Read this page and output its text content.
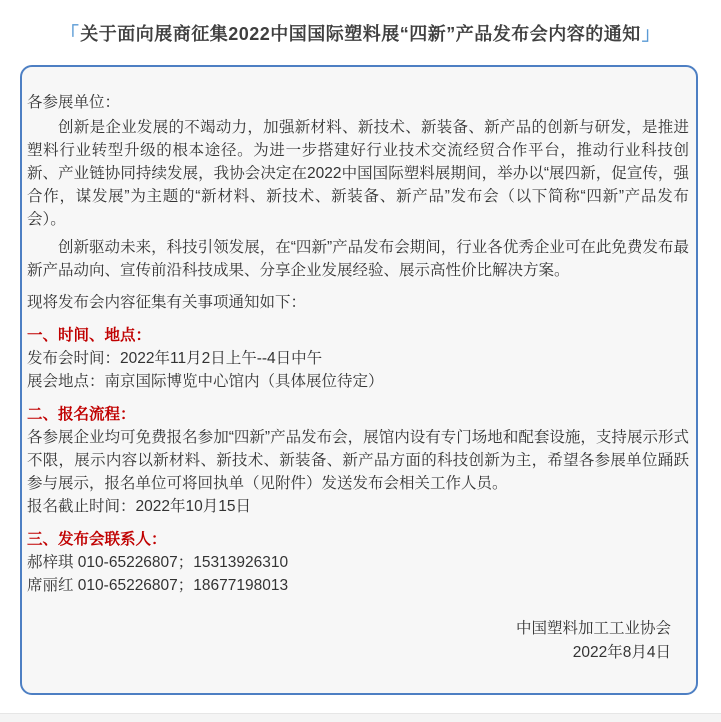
「关于面向展商征集2022中国国际塑料展“四新”产品发布会内容的通知」

各参展单位：

创新是企业发展的不竭动力，加强新材料、新技术、新装备、新产品的创新与研发，是推进塑料行业转型升级的根本途径。为进一步搭建好行业技术交流经贸合作平台，推动行业科技创新、产业链协同持续发展，我协会决定在2022中国国际塑料展期间，举办以“展四新，促宣传，强合作，谋发展”为主题的“新材料、新技术、新装备、新产品”发布会（以下简称“四新”产品发布会）。

创新驱动未来，科技引领发展，在“四新”产品发布会期间，行业各优秀企业可在此免费发布最新产品动向、宣传前沿科技成果、分享企业发展经验、展示高性价比解决方案。

现将发布会内容征集有关事项通知如下：

一、时间、地点：

发布会时间：2022年11月2日上午--4日中午

展会地点：南京国际博览中心馆内（具体展位待定）

二、报名流程：

各参展企业均可免费报名参加“四新”产品发布会，展馆内设有专门场地和配套设施，支持展示形式不限，展示内容以新材料、新技术、新装备、新产品方面的科技创新为主，希望各参展单位踊跃参与展示，报名单位可将回执单（见附件）发送发布会相关工作人员。

报名截止时间：2022年10月15日

三、发布会联系人：

郝梓琪 010-65226807；15313926310

席丽红 010-65226807；18677198013

中国塑料加工工业协会
2022年8月4日
